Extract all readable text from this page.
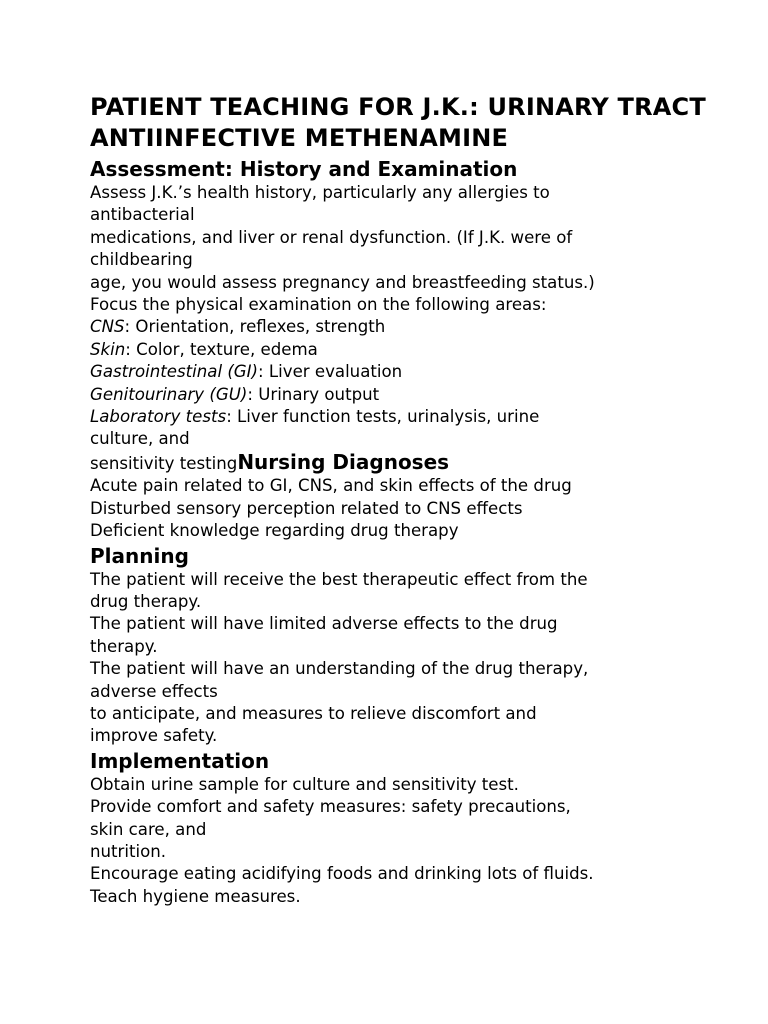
PATIENT TEACHING FOR J.K.: URINARY TRACT ANTIINFECTIVE METHENAMINE
Assessment: History and Examination
Assess J.K.’s health history, particularly any allergies to
antibacterial
medications, and liver or renal dysfunction. (If J.K. were of
childbearing
age, you would assess pregnancy and breastfeeding status.)
Focus the physical examination on the following areas:
CNS: Orientation, reflexes, strength
Skin: Color, texture, edema
Gastrointestinal (GI): Liver evaluation
Genitourinary (GU): Urinary output
Laboratory tests: Liver function tests, urinalysis, urine
culture, and
sensitivity testingNursing Diagnoses
Acute pain related to GI, CNS, and skin effects of the drug
Disturbed sensory perception related to CNS effects
Deficient knowledge regarding drug therapy
Planning
The patient will receive the best therapeutic effect from the
drug therapy.
The patient will have limited adverse effects to the drug
therapy.
The patient will have an understanding of the drug therapy,
adverse effects
to anticipate, and measures to relieve discomfort and
improve safety.
Implementation
Obtain urine sample for culture and sensitivity test.
Provide comfort and safety measures: safety precautions,
skin care, and
nutrition.
Encourage eating acidifying foods and drinking lots of fluids.
Teach hygiene measures.
